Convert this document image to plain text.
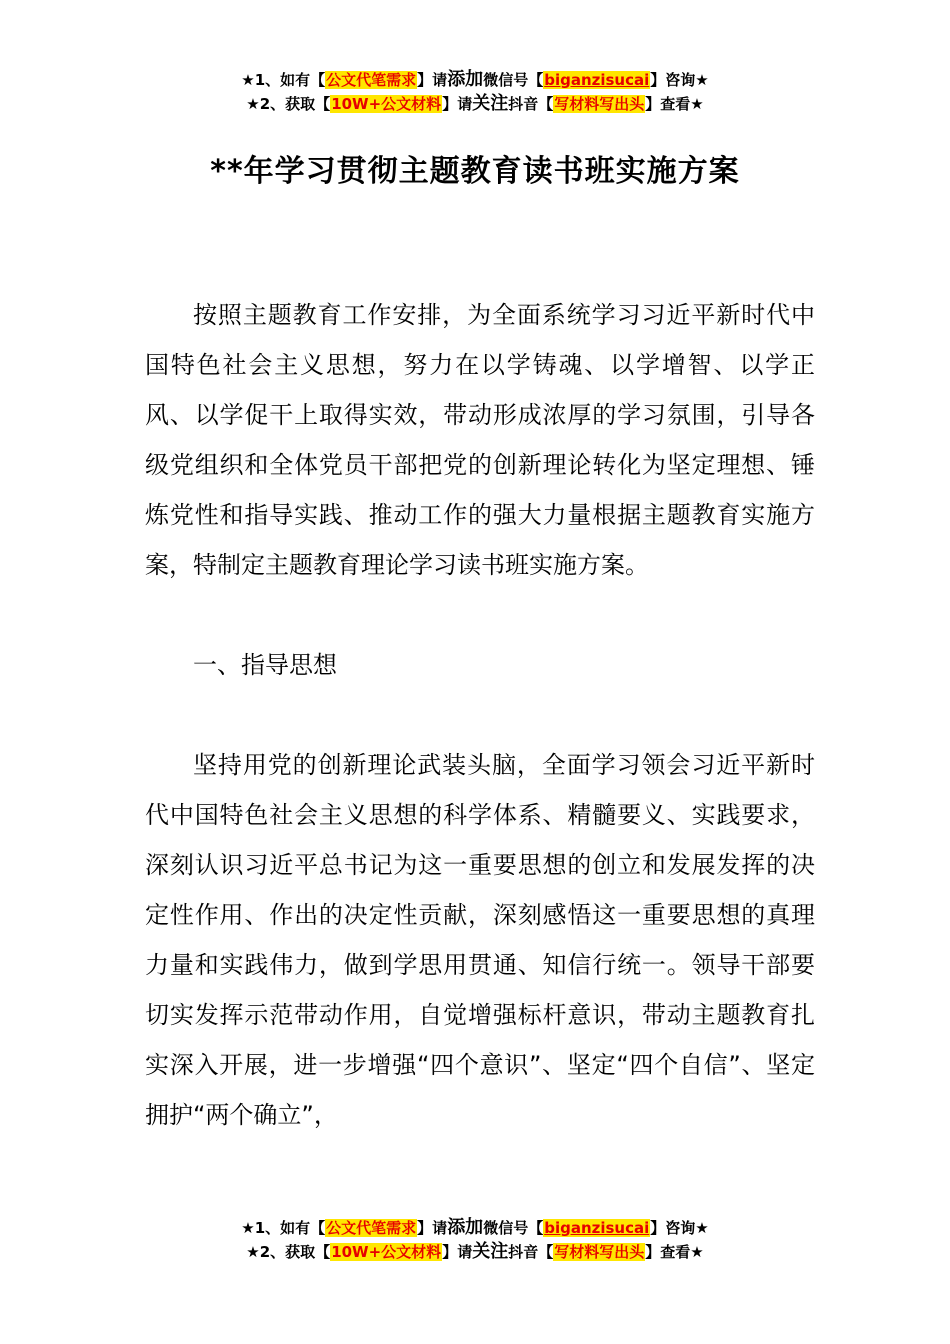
★1、如有【公文代笔需求】请添加微信号【biganzisucai】咨询★
★2、获取【10W+公文材料】请关注抖音【写材料写出头】查看★
**年学习贯彻主题教育读书班实施方案

按照主题教育工作安排，为全面系统学习习近平新时代中国特色社会主义思想，努力在以学铸魂、以学增智、以学正风、以学促干上取得实效，带动形成浓厚的学习氛围，引导各级党组织和全体党员干部把党的创新理论转化为坚定理想、锤炼党性和指导实践、推动工作的强大力量根据主题教育实施方案，特制定主题教育理论学习读书班实施方案。

一、指导思想

坚持用党的创新理论武装头脑，全面学习领会习近平新时代中国特色社会主义思想的科学体系、精髓要义、实践要求，深刻认识习近平总书记为这一重要思想的创立和发展发挥的决定性作用、作出的决定性贡献，深刻感悟这一重要思想的真理力量和实践伟力，做到学思用贯通、知信行统一。领导干部要切实发挥示范带动作用，自觉增强标杆意识，带动主题教育扎实深入开展，进一步增强“四个意识”、坚定“四个自信”、坚定拥护“两个确立”，

★1、如有【公文代笔需求】请添加微信号【biganzisucai】咨询★
★2、获取【10W+公文材料】请关注抖音【写材料写出头】查看★
